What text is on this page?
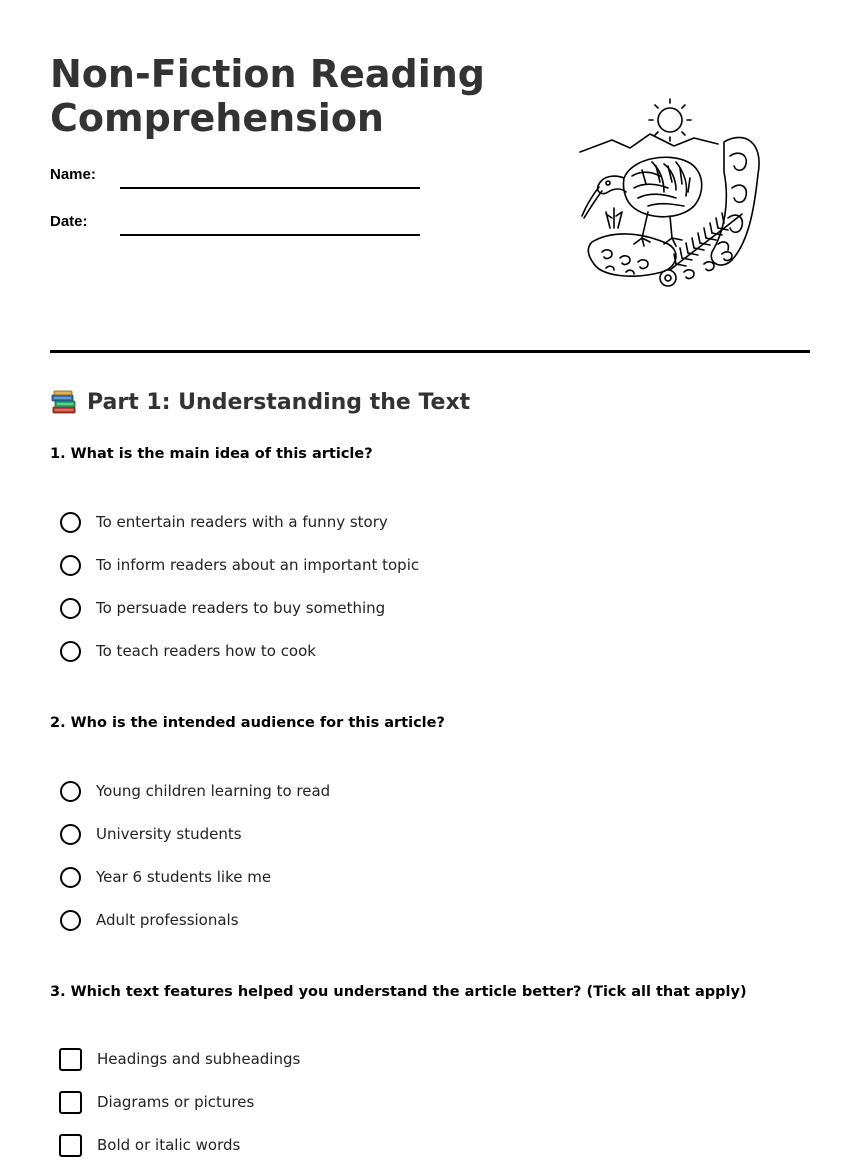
Non-Fiction Reading
Comprehension
Name:
Date:
Part 1: Understanding the Text

1. What is the main idea of this article?

To entertain readers with a funny story
To inform readers about an important topic
To persuade readers to buy something
To teach readers how to cook

2. Who is the intended audience for this article?

Young children learning to read
University students
Year 6 students like me
Adult professionals

3. Which text features helped you understand the article better? (Tick all that apply)

Headings and subheadings
Diagrams or pictures
Bold or italic words
